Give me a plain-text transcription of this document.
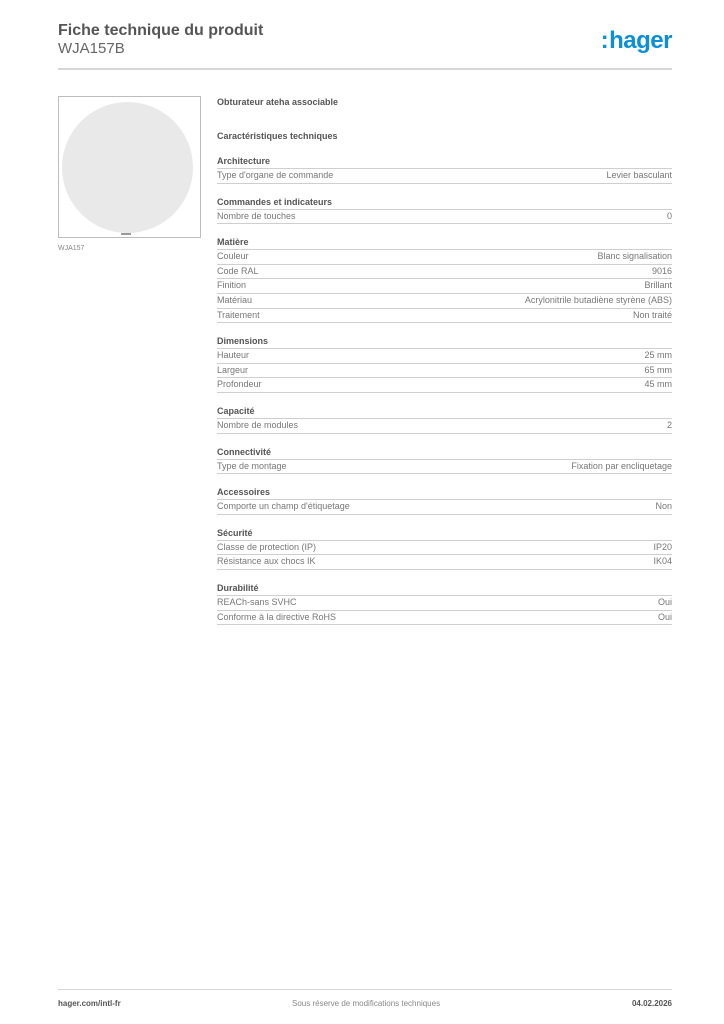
Fiche technique du produit
WJA157B	:hager
WJA157
Obturateur ateha associable
Caractéristiques techniques
Architecture
Type d'organe de commande	Levier basculant
Commandes et indicateurs
Nombre de touches	0
Matière
Couleur	Blanc signalisation
Code RAL	9016
Finition	Brillant
Matériau	Acrylonitrile butadiène styrène (ABS)
Traitement	Non traité
Dimensions
Hauteur	25 mm
Largeur	65 mm
Profondeur	45 mm
Capacité
Nombre de modules	2
Connectivité
Type de montage	Fixation par encliquetage
Accessoires
Comporte un champ d'étiquetage	Non
Sécurité
Classe de protection (IP)	IP20
Résistance aux chocs IK	IK04
Durabilité
REACh-sans SVHC	Oui
Conforme à la directive RoHS	Oui
hager.com/intl-fr	Sous réserve de modifications techniques	04.02.2026
